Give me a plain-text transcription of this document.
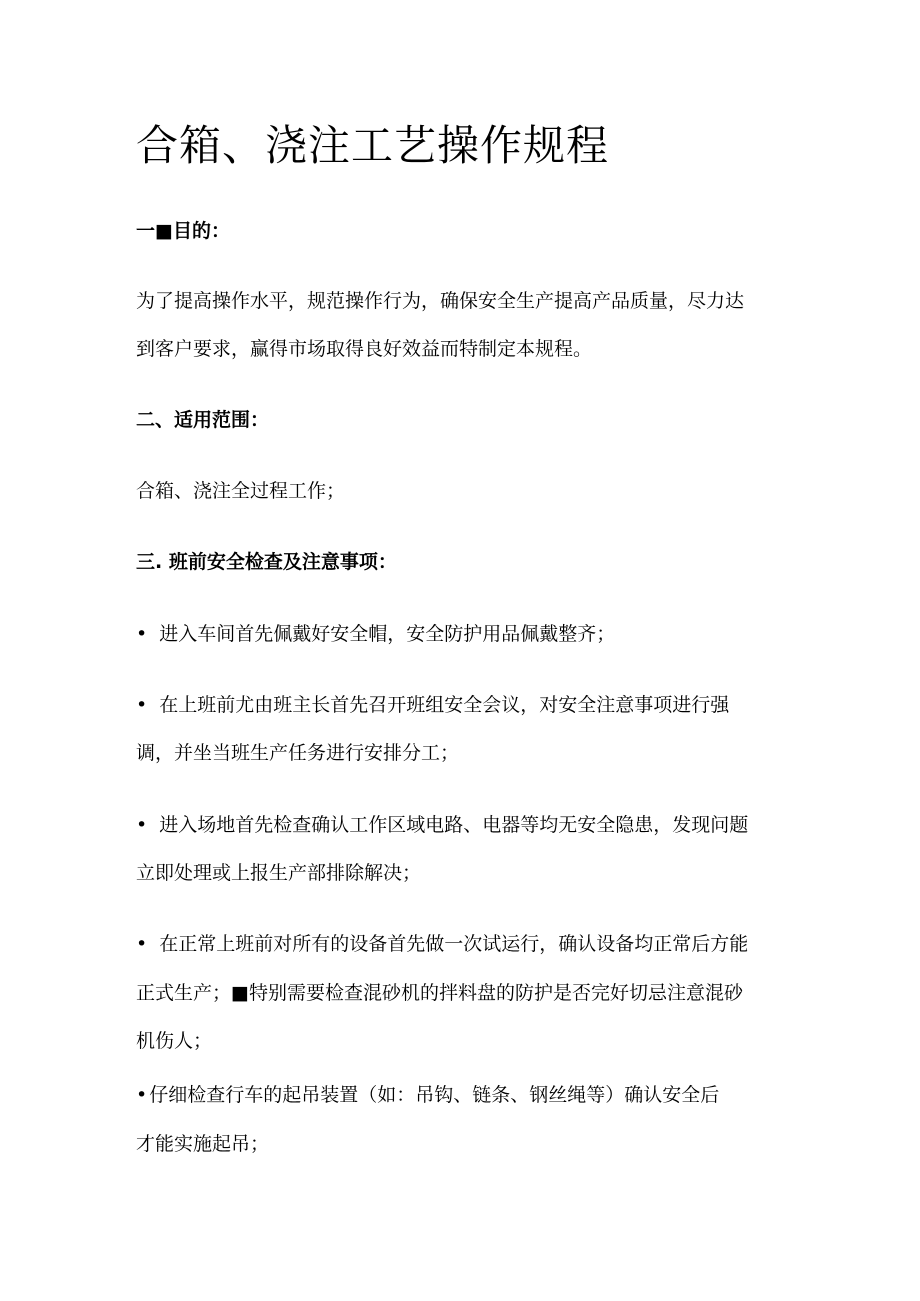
合箱、浇注工艺操作规程
一■目的：
为了提高操作水平，规范操作行为，确保安全生产提高产品质量，尽力达
到客户要求，赢得市场取得良好效益而特制定本规程。
二、适用范围：
合箱、浇注全过程工作；
三. 班前安全检查及注意事项：
• 进入车间首先佩戴好安全帽，安全防护用品佩戴整齐；
• 在上班前尤由班主长首先召开班组安全会议，对安全注意事项进行强
调，并坐当班生产任务进行安排分工；
• 进入场地首先检查确认工作区域电路、电器等均无安全隐患，发现问题
立即处理或上报生产部排除解决；
• 在正常上班前对所有的设备首先做一次试运行，确认设备均正常后方能
正式生产；■特别需要检查混砂机的拌料盘的防护是否完好切忌注意混砂
机伤人；
• 仔细检查行车的起吊装置（如：吊钩、链条、钢丝绳等）确认安全后
才能实施起吊；
